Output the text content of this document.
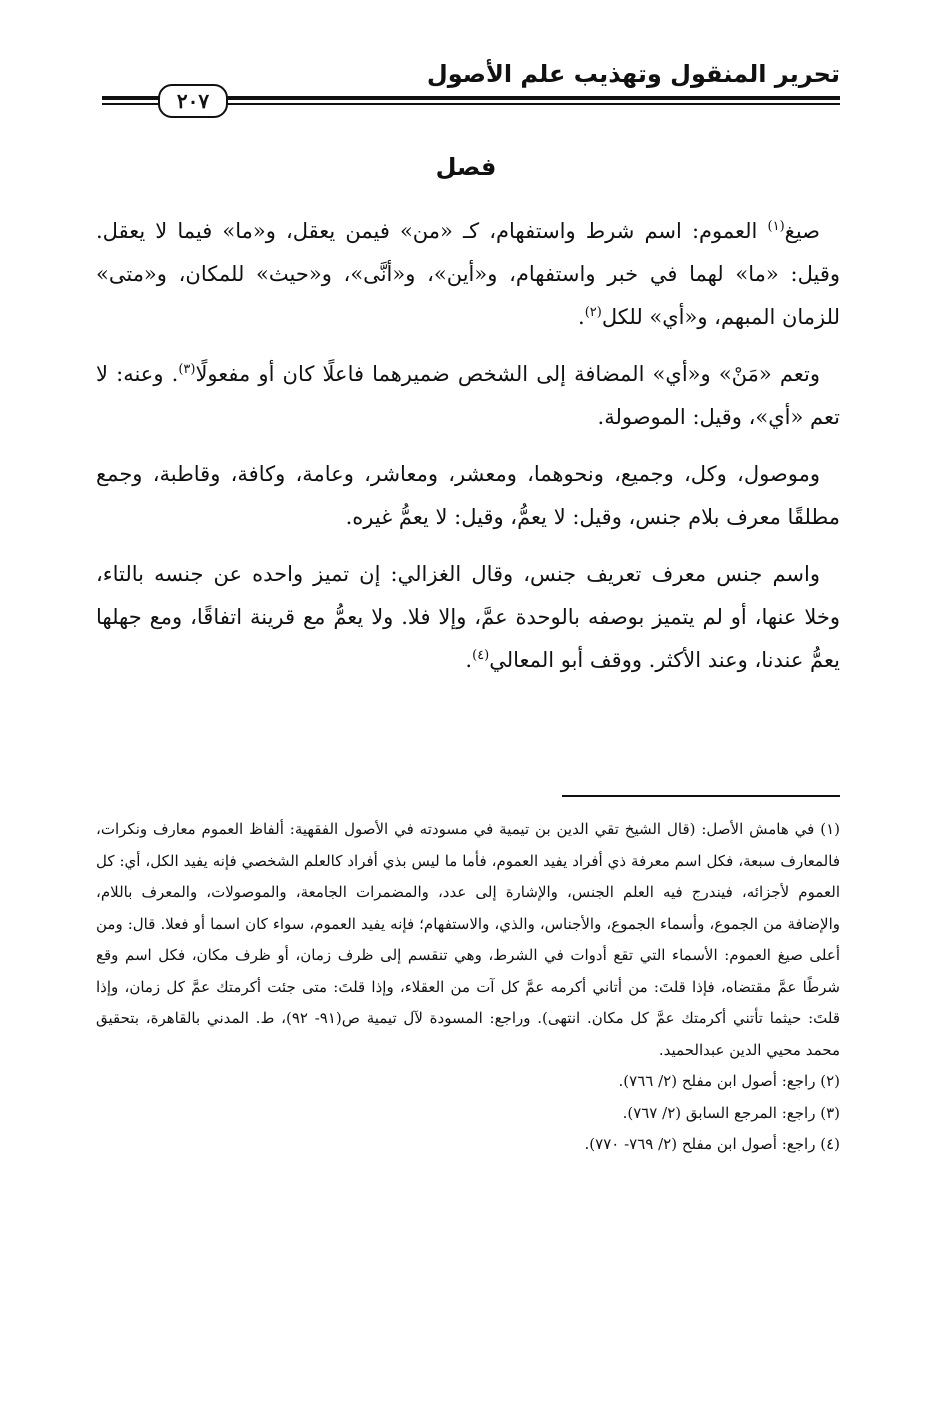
تحرير المنقول وتهذيب علم الأصول
٢٠٧
فصل

صيغ$^{(١)}$ العموم: اسم شرط واستفهام، كـ «من» فيمن يعقل، و«ما» فيما لا يعقل. وقيل: «ما» لهما في خبر واستفهام، و«أين»، و«أنَّى»، و«حيث» للمكان، و«متى» للزمان المبهم، و«أي» للكل$^{(٢)}$.

وتعم «مَنْ» و«أي» المضافة إلى الشخص ضميرهما فاعلًا كان أو مفعولًا$^{(٣)}$. وعنه: لا تعم «أي»، وقيل: الموصولة.

وموصول، وكل، وجميع، ونحوهما، ومعشر، ومعاشر، وعامة، وكافة، وقاطبة، وجمع مطلقًا معرف بلام جنس، وقيل: لا يعمُّ، وقيل: لا يعمُّ غيره.

واسم جنس معرف تعريف جنس، وقال الغزالي: إن تميز واحده عن جنسه بالتاء، وخلا عنها، أو لم يتميز بوصفه بالوحدة عمَّ، وإلا فلا. ولا يعمُّ مع قرينة اتفاقًا، ومع جهلها يعمُّ عندنا، وعند الأكثر. ووقف أبو المعالي$^{(٤)}$.

(١) في هامش الأصل: (قال الشيخ تقي الدين بن تيمية في مسودته في الأصول الفقهية: ألفاظ العموم معارف ونكرات، فالمعارف سبعة، فكل اسم معرفة ذي أفراد يفيد العموم، فأما ما ليس بذي أفراد كالعلم الشخصي فإنه يفيد الكل، أي: كل العموم لأجزائه، فيندرج فيه العلم الجنس، والإشارة إلى عدد، والمضمرات الجامعة، والموصولات، والمعرف باللام، والإضافة من الجموع، وأسماء الجموع، والأجناس، والذي، والاستفهام؛ فإنه يفيد العموم، سواء كان اسما أو فعلا. قال: ومن أعلى صيغ العموم: الأسماء التي تقع أدوات في الشرط، وهي تنقسم إلى ظرف زمان، أو ظرف مكان، فكل اسم وقع شرطًا عمَّ مقتضاه، فإذا قلتَ: من أتاني أكرمه عمَّ كل آت من العقلاء، وإذا قلتَ: متى جئت أكرمتك عمَّ كل زمان، وإذا قلتَ: حيثما تأتني أكرمتك عمَّ كل مكان. انتهى). وراجع: المسودة لآل تيمية ص(٩١- ٩٢)، ط. المدني بالقاهرة، بتحقيق محمد محيي الدين عبدالحميد.

(٢) راجع: أصول ابن مفلح (٢/ ٧٦٦).

(٣) راجع: المرجع السابق (٢/ ٧٦٧).

(٤) راجع: أصول ابن مفلح (٢/ ٧٦٩- ٧٧٠).
